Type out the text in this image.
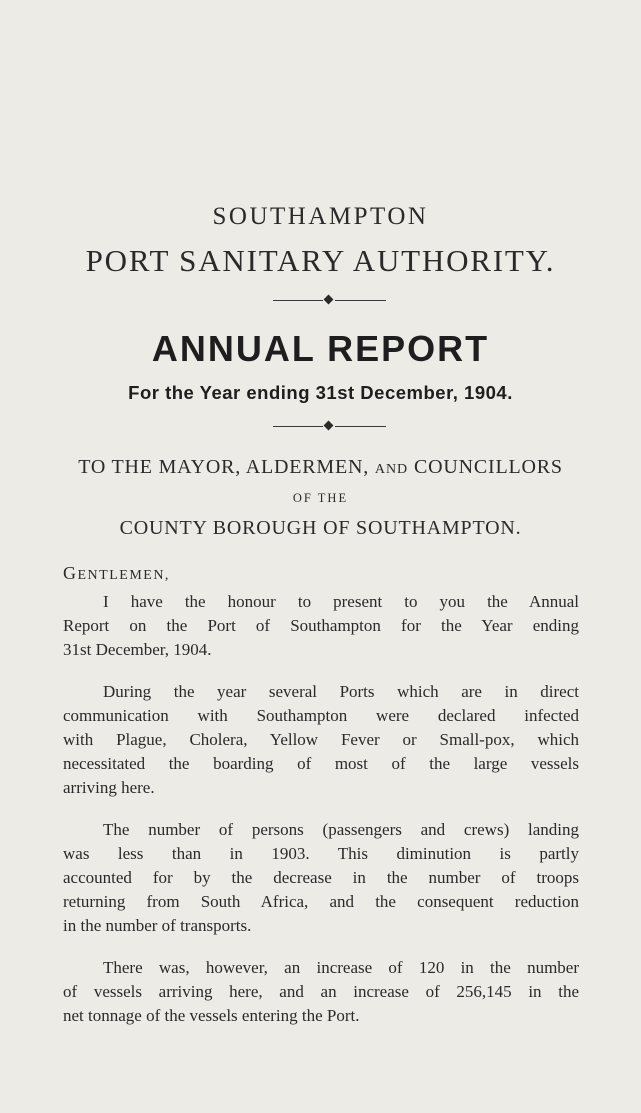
SOUTHAMPTON
PORT SANITARY AUTHORITY.
ANNUAL REPORT
For the Year ending 31st December, 1904.
TO THE MAYOR, ALDERMEN, AND COUNCILLORS
OF THE
COUNTY BOROUGH OF SOUTHAMPTON.
GENTLEMEN,
I have the honour to present to you the Annual
Report on the Port of Southampton for the Year ending
31st December, 1904.
During the year several Ports which are in direct
communication with Southampton were declared infected
with Plague, Cholera, Yellow Fever or Small-pox, which
necessitated the boarding of most of the large vessels
arriving here.
The number of persons (passengers and crews) landing
was less than in 1903. This diminution is partly
accounted for by the decrease in the number of troops
returning from South Africa, and the consequent reduction
in the number of transports.
There was, however, an increase of 120 in the number
of vessels arriving here, and an increase of 256,145 in the
net tonnage of the vessels entering the Port.
